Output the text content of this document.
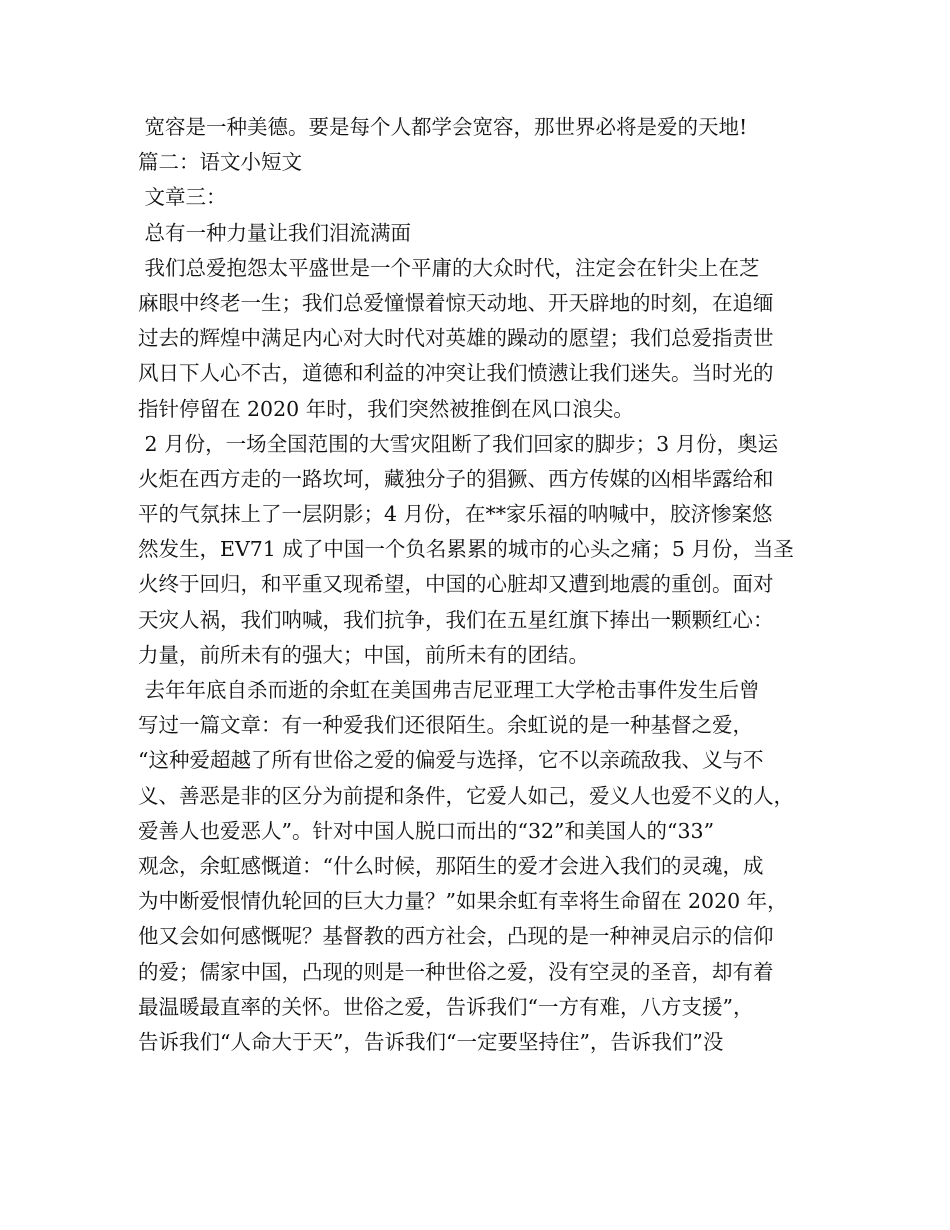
宽容是一种美德。要是每个人都学会宽容，那世界必将是爱的天地!
篇二：语文小短文
文章三：
总有一种力量让我们泪流满面
我们总爱抱怨太平盛世是一个平庸的大众时代，注定会在针尖上在芝
麻眼中终老一生；我们总爱憧憬着惊天动地、开天辟地的时刻，在追缅
过去的辉煌中满足内心对大时代对英雄的躁动的愿望；我们总爱指责世
风日下人心不古，道德和利益的冲突让我们愤懑让我们迷失。当时光的
指针停留在 2020 年时，我们突然被推倒在风口浪尖。
2 月份，一场全国范围的大雪灾阻断了我们回家的脚步；3 月份，奥运
火炬在西方走的一路坎坷，藏独分子的猖獗、西方传媒的凶相毕露给和
平的气氛抹上了一层阴影；4 月份，在**家乐福的呐喊中，胶济惨案悠
然发生，EV71 成了中国一个负名累累的城市的心头之痛；5 月份，当圣
火终于回归，和平重又现希望，中国的心脏却又遭到地震的重创。面对
天灾人祸，我们呐喊，我们抗争，我们在五星红旗下捧出一颗颗红心：
力量，前所未有的强大；中国，前所未有的团结。
去年年底自杀而逝的余虹在美国弗吉尼亚理工大学枪击事件发生后曾
写过一篇文章：有一种爱我们还很陌生。余虹说的是一种基督之爱，
“这种爱超越了所有世俗之爱的偏爱与选择，它不以亲疏敌我、义与不
义、善恶是非的区分为前提和条件，它爱人如己，爱义人也爱不义的人，
爱善人也爱恶人”。针对中国人脱口而出的“32”和美国人的“33”
观念，余虹感慨道：“什么时候，那陌生的爱才会进入我们的灵魂，成
为中断爱恨情仇轮回的巨大力量？”如果余虹有幸将生命留在 2020 年，
他又会如何感慨呢？基督教的西方社会，凸现的是一种神灵启示的信仰
的爱；儒家中国，凸现的则是一种世俗之爱，没有空灵的圣音，却有着
最温暖最直率的关怀。世俗之爱，告诉我们“一方有难，八方支援”，
告诉我们“人命大于天”，告诉我们“一定要坚持住”，告诉我们”没
